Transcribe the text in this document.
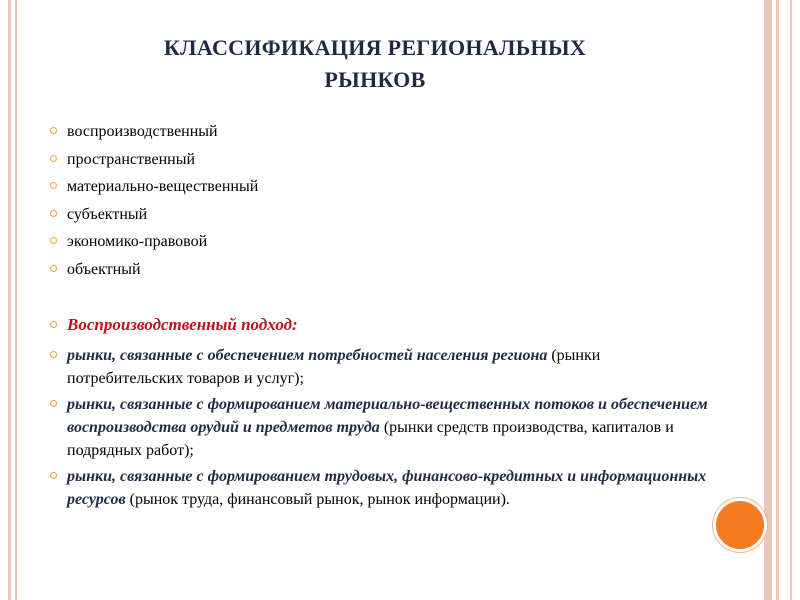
КЛАССИФИКАЦИЯ РЕГИОНАЛЬНЫХ
РЫНКОВ
воспроизводственный
пространственный
материально-вещественный
субъектный
экономико-правовой
объектный
Воспроизводственный подход:
рынки, связанные с обеспечением потребностей населения региона (рынки потребительских товаров и услуг);
рынки, связанные с формированием материально-вещественных потоков и обеспечением воспроизводства орудий и предметов труда (рынки средств производства, капиталов и подрядных работ);
рынки, связанные с формированием трудовых, финансово-кредитных и информационных ресурсов (рынок труда, финансовый рынок, рынок информации).
